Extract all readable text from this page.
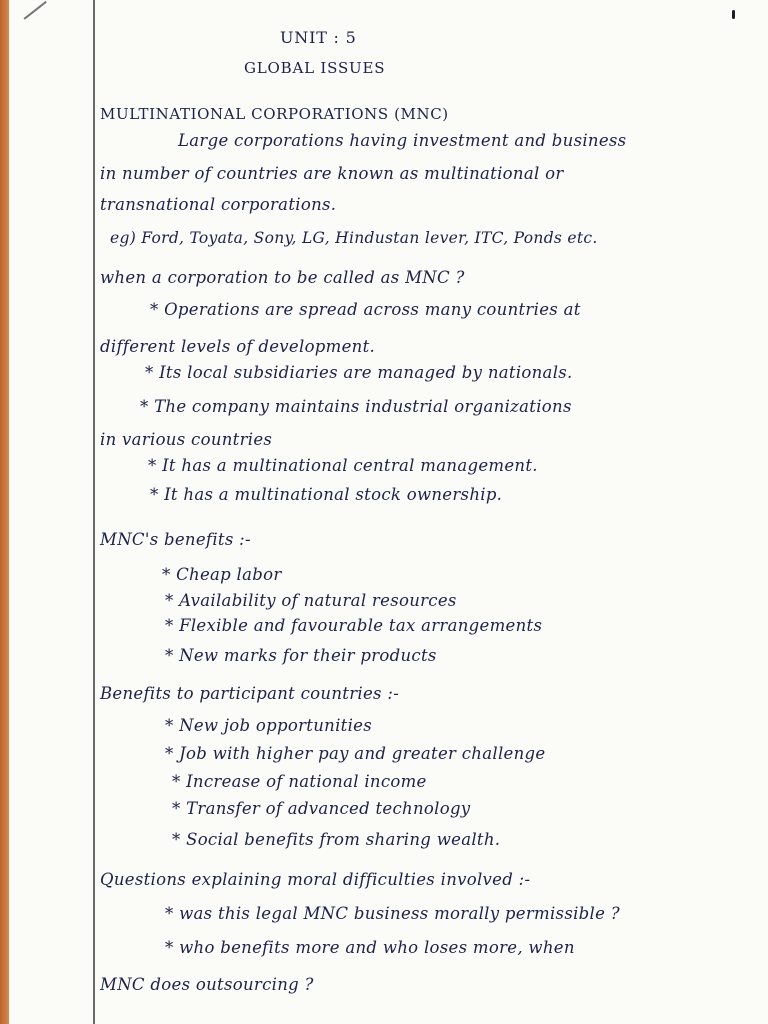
UNIT : 5
GLOBAL ISSUES
MULTINATIONAL CORPORATIONS (MNC)
Large corporations having investment and business
in number of countries are known as multinational or
transnational corporations.
eg) Ford, Toyata, Sony, LG, Hindustan lever, ITC, Ponds etc.
when a corporation to be called as MNC ?
* Operations are spread across many countries at
different levels of development.
* Its local subsidiaries are managed by nationals.
* The company maintains industrial organizations
in various countries
* It has a multinational central management.
* It has a multinational stock ownership.
MNC's benefits :-
* Cheap labor
* Availability of natural resources
* Flexible and favourable tax arrangements
* New marks for their products
Benefits to participant countries :-
* New job opportunities
* Job with higher pay and greater challenge
* Increase of national income
* Transfer of advanced technology
* Social benefits from sharing wealth.
Questions explaining moral difficulties involved :-
* was this legal MNC business morally permissible ?
* who benefits more and who loses more, when
MNC does outsourcing ?
